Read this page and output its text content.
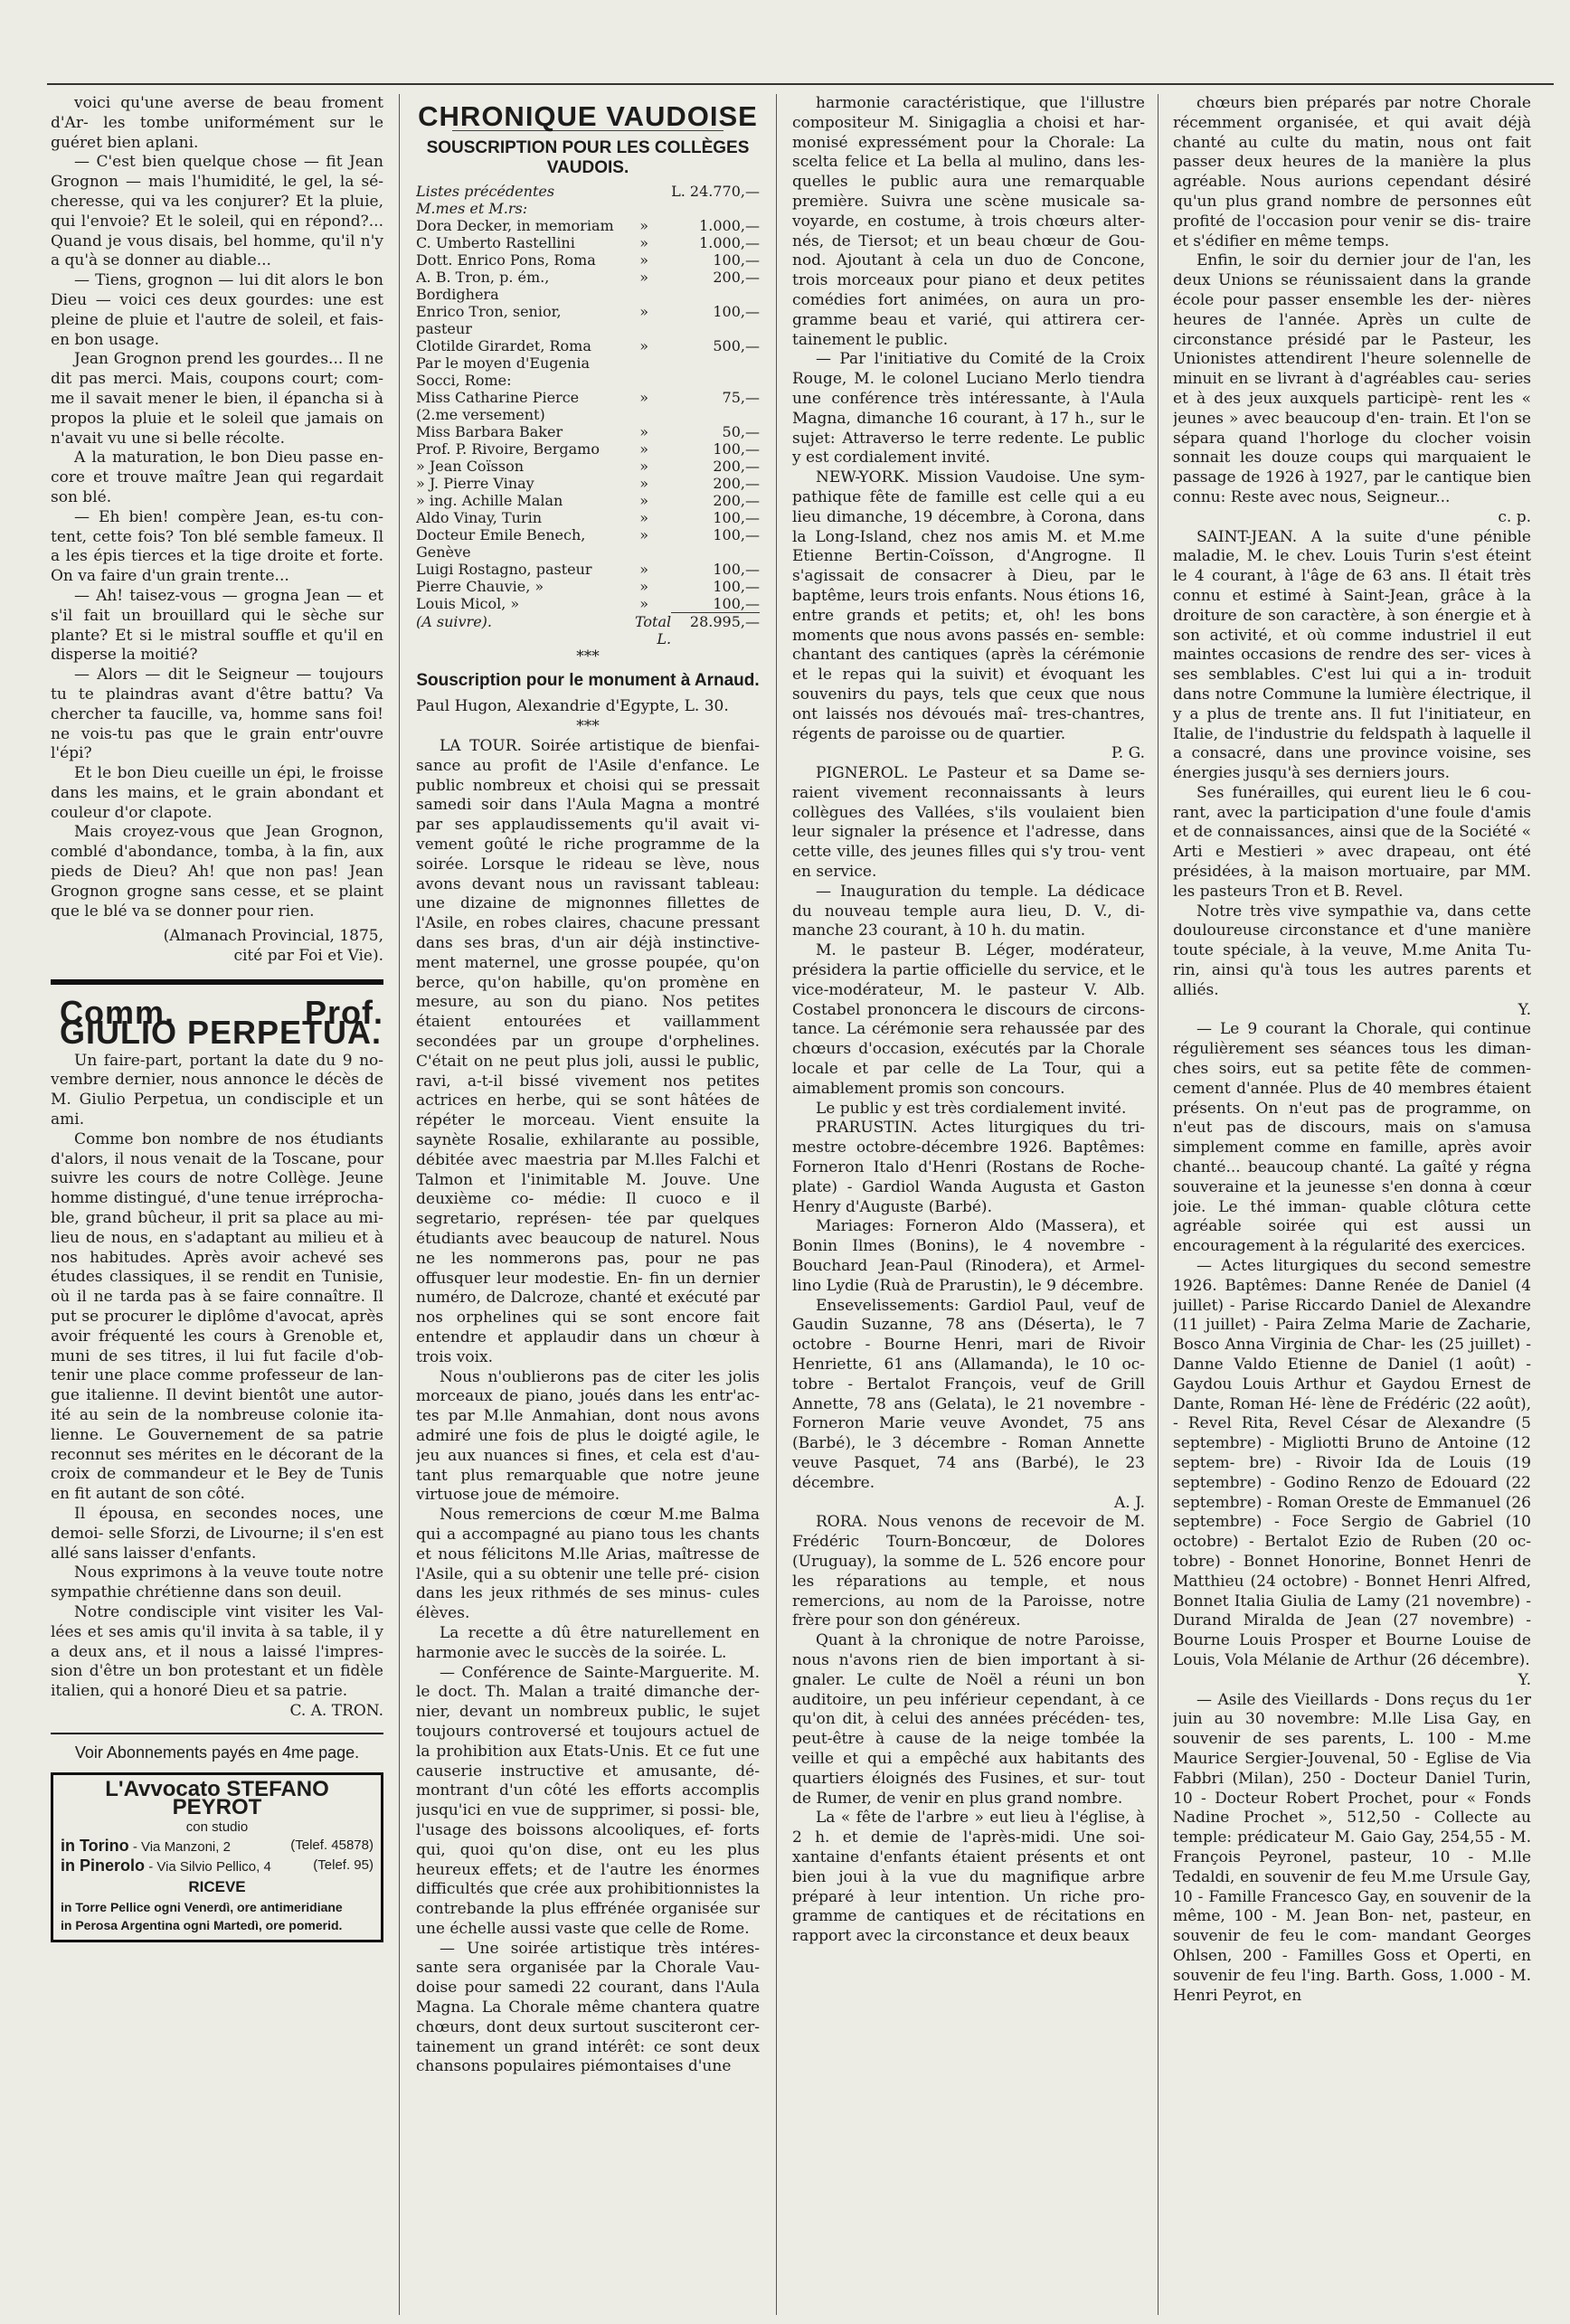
voici qu'une averse de beau froment d'Ar- les tombe uniformément sur le guéret bien aplani.

— C'est bien quelque chose — fit Jean Grognon — mais l'humidité, le gel, la sé- cheresse, qui va les conjurer? Et la pluie, qui l'envoie? Et le soleil, qui en répond?... Quand je vous disais, bel homme, qu'il n'y a qu'à se donner au diable...

— Tiens, grognon — lui dit alors le bon Dieu — voici ces deux gourdes: une est pleine de pluie et l'autre de soleil, et fais- en bon usage.

Jean Grognon prend les gourdes... Il ne dit pas merci. Mais, coupons court; com- me il savait mener le bien, il épancha si à propos la pluie et le soleil que jamais on n'avait vu une si belle récolte.

A la maturation, le bon Dieu passe en- core et trouve maître Jean qui regardait son blé.

— Eh bien! compère Jean, es-tu con- tent, cette fois? Ton blé semble fameux. Il a les épis tierces et la tige droite et forte. On va faire d'un grain trente...

— Ah! taisez-vous — grogna Jean — et s'il fait un brouillard qui le sèche sur plante? Et si le mistral souffle et qu'il en disperse la moitié?

— Alors — dit le Seigneur — toujours tu te plaindras avant d'être battu? Va chercher ta faucille, va, homme sans foi! ne vois-tu pas que le grain entr'ouvre l'épi?

Et le bon Dieu cueille un épi, le froisse dans les mains, et le grain abondant et couleur d'or clapote.

Mais croyez-vous que Jean Grognon, comblé d'abondance, tomba, à la fin, aux pieds de Dieu? Ah! que non pas! Jean Grognon grogne sans cesse, et se plaint que le blé va se donner pour rien.

(Almanach Provincial, 1875,

cité par Foi et Vie).

Comm. Prof. GIULIO PERPETUA.

Un faire-part, portant la date du 9 no- vembre dernier, nous annonce le décès de M. Giulio Perpetua, un condisciple et un ami.

Comme bon nombre de nos étudiants d'alors, il nous venait de la Toscane, pour suivre les cours de notre Collège. Jeune homme distingué, d'une tenue irréprocha- ble, grand bûcheur, il prit sa place au mi- lieu de nous, en s'adaptant au milieu et à nos habitudes. Après avoir achevé ses études classiques, il se rendit en Tunisie, où il ne tarda pas à se faire connaître. Il put se procurer le diplôme d'avocat, après avoir fréquenté les cours à Grenoble et, muni de ses titres, il lui fut facile d'ob- tenir une place comme professeur de lan- gue italienne. Il devint bientôt une autor- ité au sein de la nombreuse colonie ita- lienne. Le Gouvernement de sa patrie reconnut ses mérites en le décorant de la croix de commandeur et le Bey de Tunis en fit autant de son côté.

Il épousa, en secondes noces, une demoi- selle Sforzi, de Livourne; il s'en est allé sans laisser d'enfants.

Nous exprimons à la veuve toute notre sympathie chrétienne dans son deuil.

Notre condisciple vint visiter les Val- lées et ses amis qu'il invita à sa table, il y a deux ans, et il nous a laissé l'impres- sion d'être un bon protestant et un fidèle italien, qui a honoré Dieu et sa patrie.

C. A. TRON.

Voir Abonnements payés en 4me page.
L'Avvocato STEFANO PEYROT
con studio
in Torino - Via Manzoni, 2	(Telef. 45878)
in Pinerolo - Via Silvio Pellico, 4	(Telef. 95)
RICEVE
in Torre Pellice ogni Venerdì, ore antimeridiane
in Perosa Argentina ogni Martedì, ore pomerid.
CHRONIQUE VAUDOISE
SOUSCRIPTION POUR LES COLLÈGES VAUDOIS.
Listes précédentes		L. 24.770,—
M.mes et M.rs:		
Dora Decker, in memoriam	»	1.000,—
C. Umberto Rastellini	»	1.000,—
Dott. Enrico Pons, Roma	»	100,—
A. B. Tron, p. ém., Bordighera	»	200,—
Enrico Tron, senior, pasteur	»	100,—
Clotilde Girardet, Roma	»	500,—
Par le moyen d'Eugenia Socci, Rome:		
Miss Catharine Pierce (2.me versement)	»	75,—
Miss Barbara Baker	»	50,—
Prof. P. Rivoire, Bergamo	»	100,—
» Jean Coïsson	»	200,—
» J. Pierre Vinay	»	200,—
» ing. Achille Malan	»	200,—
Aldo Vinay, Turin	»	100,—
Docteur Emile Benech, Genève	»	100,—
Luigi Rostagno, pasteur	»	100,—
Pierre Chauvie, »	»	100,—
Louis Micol, »	»	100,—
(A suivre).	Total L.	28.995,—

***

Souscription pour le monument à Arnaud.

Paul Hugon, Alexandrie d'Egypte, L. 30.

***

LA TOUR. Soirée artistique de bienfai- sance au profit de l'Asile d'enfance. Le public nombreux et choisi qui se pressait samedi soir dans l'Aula Magna a montré par ses applaudissements qu'il avait vi- vement goûté le riche programme de la soirée. Lorsque le rideau se lève, nous avons devant nous un ravissant tableau: une dizaine de mignonnes fillettes de l'Asile, en robes claires, chacune pressant dans ses bras, d'un air déjà instinctive- ment maternel, une grosse poupée, qu'on berce, qu'on habille, qu'on promène en mesure, au son du piano. Nos petites étaient entourées et vaillamment secondées par un groupe d'orphelines. C'était on ne peut plus joli, aussi le public, ravi, a-t-il bissé vivement nos petites actrices en herbe, qui se sont hâtées de répéter le morceau. Vient ensuite la saynète Rosalie, exhilarante au possible, débitée avec maestria par M.lles Falchi et Talmon et l'inimitable M. Jouve. Une deuxième co- médie: Il cuoco e il segretario, représen- tée par quelques étudiants avec beaucoup de naturel. Nous ne les nommerons pas, pour ne pas offusquer leur modestie. En- fin un dernier numéro, de Dalcroze, chanté et exécuté par nos orphelines qui se sont encore fait entendre et applaudir dans un chœur à trois voix.

Nous n'oublierons pas de citer les jolis morceaux de piano, joués dans les entr'ac- tes par M.lle Anmahian, dont nous avons admiré une fois de plus le doigté agile, le jeu aux nuances si fines, et cela est d'au- tant plus remarquable que notre jeune virtuose joue de mémoire.

Nous remercions de cœur M.me Balma qui a accompagné au piano tous les chants et nous félicitons M.lle Arias, maîtresse de l'Asile, qui a su obtenir une telle pré- cision dans les jeux rithmés de ses minus- cules élèves.

La recette a dû être naturellement en harmonie avec le succès de la soirée. L.

— Conférence de Sainte-Marguerite. M. le doct. Th. Malan a traité dimanche der- nier, devant un nombreux public, le sujet toujours controversé et toujours actuel de la prohibition aux Etats-Unis. Et ce fut une causerie instructive et amusante, dé- montrant d'un côté les efforts accomplis jusqu'ici en vue de supprimer, si possi- ble, l'usage des boissons alcooliques, ef- forts qui, quoi qu'on dise, ont eu les plus heureux effets; et de l'autre les énormes difficultés que crée aux prohibitionnistes la contrebande la plus effrénée organisée sur une échelle aussi vaste que celle de Rome.

— Une soirée artistique très intéres- sante sera organisée par la Chorale Vau- doise pour samedi 22 courant, dans l'Aula Magna. La Chorale même chantera quatre chœurs, dont deux surtout susciteront cer- tainement un grand intérêt: ce sont deux chansons populaires piémontaises d'une

harmonie caractéristique, que l'illustre compositeur M. Sinigaglia a choisi et har- monisé expressément pour la Chorale: La scelta felice et La bella al mulino, dans les- quelles le public aura une remarquable première. Suivra une scène musicale sa- voyarde, en costume, à trois chœurs alter- nés, de Tiersot; et un beau chœur de Gou- nod. Ajoutant à cela un duo de Concone, trois morceaux pour piano et deux petites comédies fort animées, on aura un pro- gramme beau et varié, qui attirera cer- tainement le public.

— Par l'initiative du Comité de la Croix Rouge, M. le colonel Luciano Merlo tiendra une conférence très intéressante, à l'Aula Magna, dimanche 16 courant, à 17 h., sur le sujet: Attraverso le terre redente. Le public y est cordialement invité.

NEW-YORK. Mission Vaudoise. Une sym- pathique fête de famille est celle qui a eu lieu dimanche, 19 décembre, à Corona, dans la Long-Island, chez nos amis M. et M.me Etienne Bertin-Coïsson, d'Angrogne. Il s'agissait de consacrer à Dieu, par le baptême, leurs trois enfants. Nous étions 16, entre grands et petits; et, oh! les bons moments que nous avons passés en- semble: chantant des cantiques (après la cérémonie et le repas qui la suivit) et évoquant les souvenirs du pays, tels que ceux que nous ont laissés nos dévoués maî- tres-chantres, régents de paroisse ou de quartier.

P. G.

PIGNEROL. Le Pasteur et sa Dame se- raient vivement reconnaissants à leurs collègues des Vallées, s'ils voulaient bien leur signaler la présence et l'adresse, dans cette ville, des jeunes filles qui s'y trou- vent en service.

— Inauguration du temple. La dédicace du nouveau temple aura lieu, D. V., di- manche 23 courant, à 10 h. du matin.

M. le pasteur B. Léger, modérateur, présidera la partie officielle du service, et le vice-modérateur, M. le pasteur V. Alb. Costabel prononcera le discours de circons- tance. La cérémonie sera rehaussée par des chœurs d'occasion, exécutés par la Chorale locale et par celle de La Tour, qui a aimablement promis son concours.

Le public y est très cordialement invité.

PRARUSTIN. Actes liturgiques du tri- mestre octobre-décembre 1926. Baptêmes: Forneron Italo d'Henri (Rostans de Roche- plate) - Gardiol Wanda Augusta et Gaston Henry d'Auguste (Barbé).

Mariages: Forneron Aldo (Massera), et Bonin Ilmes (Bonins), le 4 novembre - Bouchard Jean-Paul (Rinodera), et Armel- lino Lydie (Ruà de Prarustin), le 9 décembre.

Ensevelissements: Gardiol Paul, veuf de Gaudin Suzanne, 78 ans (Déserta), le 7 octobre - Bourne Henri, mari de Rivoir Henriette, 61 ans (Allamanda), le 10 oc- tobre - Bertalot François, veuf de Grill Annette, 78 ans (Gelata), le 21 novembre - Forneron Marie veuve Avondet, 75 ans (Barbé), le 3 décembre - Roman Annette veuve Pasquet, 74 ans (Barbé), le 23 décembre.

A. J.

RORA. Nous venons de recevoir de M. Frédéric Tourn-Boncœur, de Dolores (Uruguay), la somme de L. 526 encore pour les réparations au temple, et nous remercions, au nom de la Paroisse, notre frère pour son don généreux.

Quant à la chronique de notre Paroisse, nous n'avons rien de bien important à si- gnaler. Le culte de Noël a réuni un bon auditoire, un peu inférieur cependant, à ce qu'on dit, à celui des années précéden- tes, peut-être à cause de la neige tombée la veille et qui a empêché aux habitants des quartiers éloignés des Fusines, et sur- tout de Rumer, de venir en plus grand nombre.

La « fête de l'arbre » eut lieu à l'église, à 2 h. et demie de l'après-midi. Une soi- xantaine d'enfants étaient présents et ont bien joui à la vue du magnifique arbre préparé à leur intention. Un riche pro- gramme de cantiques et de récitations en rapport avec la circonstance et deux beaux

chœurs bien préparés par notre Chorale récemment organisée, et qui avait déjà chanté au culte du matin, nous ont fait passer deux heures de la manière la plus agréable. Nous aurions cependant désiré qu'un plus grand nombre de personnes eût profité de l'occasion pour venir se dis- traire et s'édifier en même temps.

Enfin, le soir du dernier jour de l'an, les deux Unions se réunissaient dans la grande école pour passer ensemble les der- nières heures de l'année. Après un culte de circonstance présidé par le Pasteur, les Unionistes attendirent l'heure solennelle de minuit en se livrant à d'agréables cau- series et à des jeux auxquels participè- rent les « jeunes » avec beaucoup d'en- train. Et l'on se sépara quand l'horloge du clocher voisin sonnait les douze coups qui marquaient le passage de 1926 à 1927, par le cantique bien connu: Reste avec nous, Seigneur...

c. p.

SAINT-JEAN. A la suite d'une pénible maladie, M. le chev. Louis Turin s'est éteint le 4 courant, à l'âge de 63 ans. Il était très connu et estimé à Saint-Jean, grâce à la droiture de son caractère, à son énergie et à son activité, et où comme industriel il eut maintes occasions de rendre des ser- vices à ses semblables. C'est lui qui a in- troduit dans notre Commune la lumière électrique, il y a plus de trente ans. Il fut l'initiateur, en Italie, de l'industrie du feldspath à laquelle il a consacré, dans une province voisine, ses énergies jusqu'à ses derniers jours.

Ses funérailles, qui eurent lieu le 6 cou- rant, avec la participation d'une foule d'amis et de connaissances, ainsi que de la Société « Arti e Mestieri » avec drapeau, ont été présidées, à la maison mortuaire, par MM. les pasteurs Tron et B. Revel.

Notre très vive sympathie va, dans cette douloureuse circonstance et d'une manière toute spéciale, à la veuve, M.me Anita Tu- rin, ainsi qu'à tous les autres parents et alliés.

Y.

— Le 9 courant la Chorale, qui continue régulièrement ses séances tous les diman- ches soirs, eut sa petite fête de commen- cement d'année. Plus de 40 membres étaient présents. On n'eut pas de programme, on n'eut pas de discours, mais on s'amusa simplement comme en famille, après avoir chanté... beaucoup chanté. La gaîté y régna souveraine et la jeunesse s'en donna à cœur joie. Le thé imman- quable clôtura cette agréable soirée qui est aussi un encouragement à la régularité des exercices.

— Actes liturgiques du second semestre 1926. Baptêmes: Danne Renée de Daniel (4 juillet) - Parise Riccardo Daniel de Alexandre (11 juillet) - Paira Zelma Marie de Zacharie, Bosco Anna Virginia de Char- les (25 juillet) - Danne Valdo Etienne de Daniel (1 août) - Gaydou Louis Arthur et Gaydou Ernest de Dante, Roman Hé- lène de Frédéric (22 août), - Revel Rita, Revel César de Alexandre (5 septembre) - Migliotti Bruno de Antoine (12 septem- bre) - Rivoir Ida de Louis (19 septembre) - Godino Renzo de Edouard (22 septembre) - Roman Oreste de Emmanuel (26 septembre) - Foce Sergio de Gabriel (10 octobre) - Bertalot Ezio de Ruben (20 oc- tobre) - Bonnet Honorine, Bonnet Henri de Matthieu (24 octobre) - Bonnet Henri Alfred, Bonnet Italia Giulia de Lamy (21 novembre) - Durand Miralda de Jean (27 novembre) - Bourne Louis Prosper et Bourne Louise de Louis, Vola Mélanie de Arthur (26 décembre).

Y.

— Asile des Vieillards - Dons reçus du 1er juin au 30 novembre: M.lle Lisa Gay, en souvenir de ses parents, L. 100 - M.me Maurice Sergier-Jouvenal, 50 - Eglise de Via Fabbri (Milan), 250 - Docteur Daniel Turin, 10 - Docteur Robert Prochet, pour « Fonds Nadine Prochet », 512,50 - Collecte au temple: prédicateur M. Gaio Gay, 254,55 - M. François Peyronel, pasteur, 10 - M.lle Tedaldi, en souvenir de feu M.me Ursule Gay, 10 - Famille Francesco Gay, en souvenir de la même, 100 - M. Jean Bon- net, pasteur, en souvenir de feu le com- mandant Georges Ohlsen, 200 - Familles Goss et Operti, en souvenir de feu l'ing. Barth. Goss, 1.000 - M. Henri Peyrot, en
